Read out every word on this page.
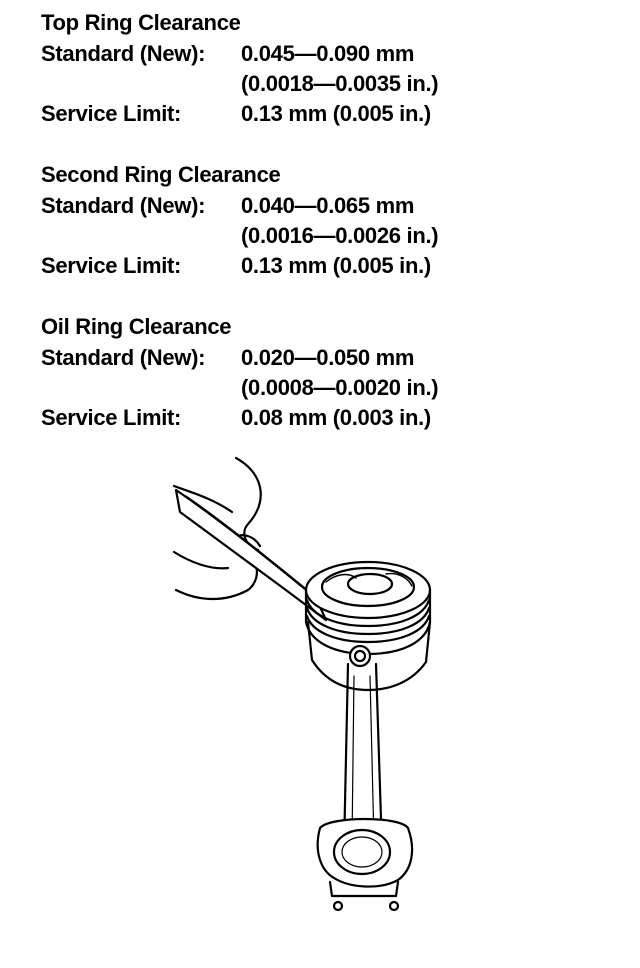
Top Ring Clearance
Standard (New): 0.045—0.090 mm
(0.0018—0.0035 in.)
Service Limit:	0.13 mm (0.005 in.)
Second Ring Clearance
Standard (New): 0.040—0.065 mm
(0.0016—0.0026 in.)
Service Limit:	0.13 mm (0.005 in.)
Oil Ring Clearance
Standard (New): 0.020—0.050 mm
(0.0008—0.0020 in.)
Service Limit:	0.08 mm (0.003 in.)
